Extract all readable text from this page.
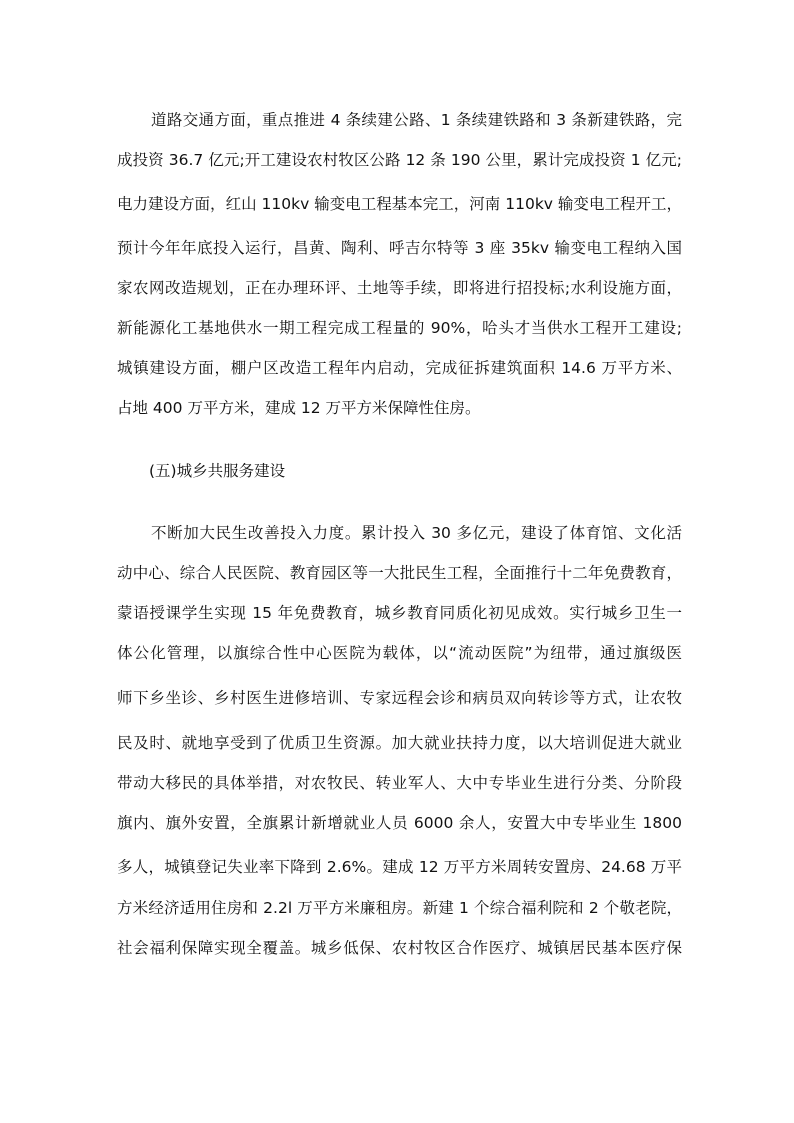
道路交通方面，重点推进 4 条续建公路、1 条续建铁路和 3 条新建铁路，完
成投资 36.7 亿元;开工建设农村牧区公路 12 条 190 公里，累计完成投资 1 亿元;
电力建设方面，红山 110kv 输变电工程基本完工，河南 110kv 输变电工程开工，
预计今年年底投入运行，昌黄、陶利、呼吉尔特等 3 座 35kv 输变电工程纳入国
家农网改造规划，正在办理环评、土地等手续，即将进行招投标;水利设施方面，
新能源化工基地供水一期工程完成工程量的 90%，哈头才当供水工程开工建设;
城镇建设方面，棚户区改造工程年内启动，完成征拆建筑面积 14.6 万平方米、
占地 400 万平方米，建成 12 万平方米保障性住房。
(五)城乡共服务建设
不断加大民生改善投入力度。累计投入 30 多亿元，建设了体育馆、文化活
动中心、综合人民医院、教育园区等一大批民生工程，全面推行十二年免费教育，
蒙语授课学生实现 15 年免费教育，城乡教育同质化初见成效。实行城乡卫生一
体公化管理，以旗综合性中心医院为载体，以“流动医院”为纽带，通过旗级医
师下乡坐诊、乡村医生进修培训、专家远程会诊和病员双向转诊等方式，让农牧
民及时、就地享受到了优质卫生资源。加大就业扶持力度，以大培训促进大就业
带动大移民的具体举措，对农牧民、转业军人、大中专毕业生进行分类、分阶段
旗内、旗外安置，全旗累计新增就业人员 6000 余人，安置大中专毕业生 1800
多人，城镇登记失业率下降到 2.6%。建成 12 万平方米周转安置房、24.68 万平
方米经济适用住房和 2.2l 万平方米廉租房。新建 1 个综合福利院和 2 个敬老院，
社会福利保障实现全覆盖。城乡低保、农村牧区合作医疗、城镇居民基本医疗保
